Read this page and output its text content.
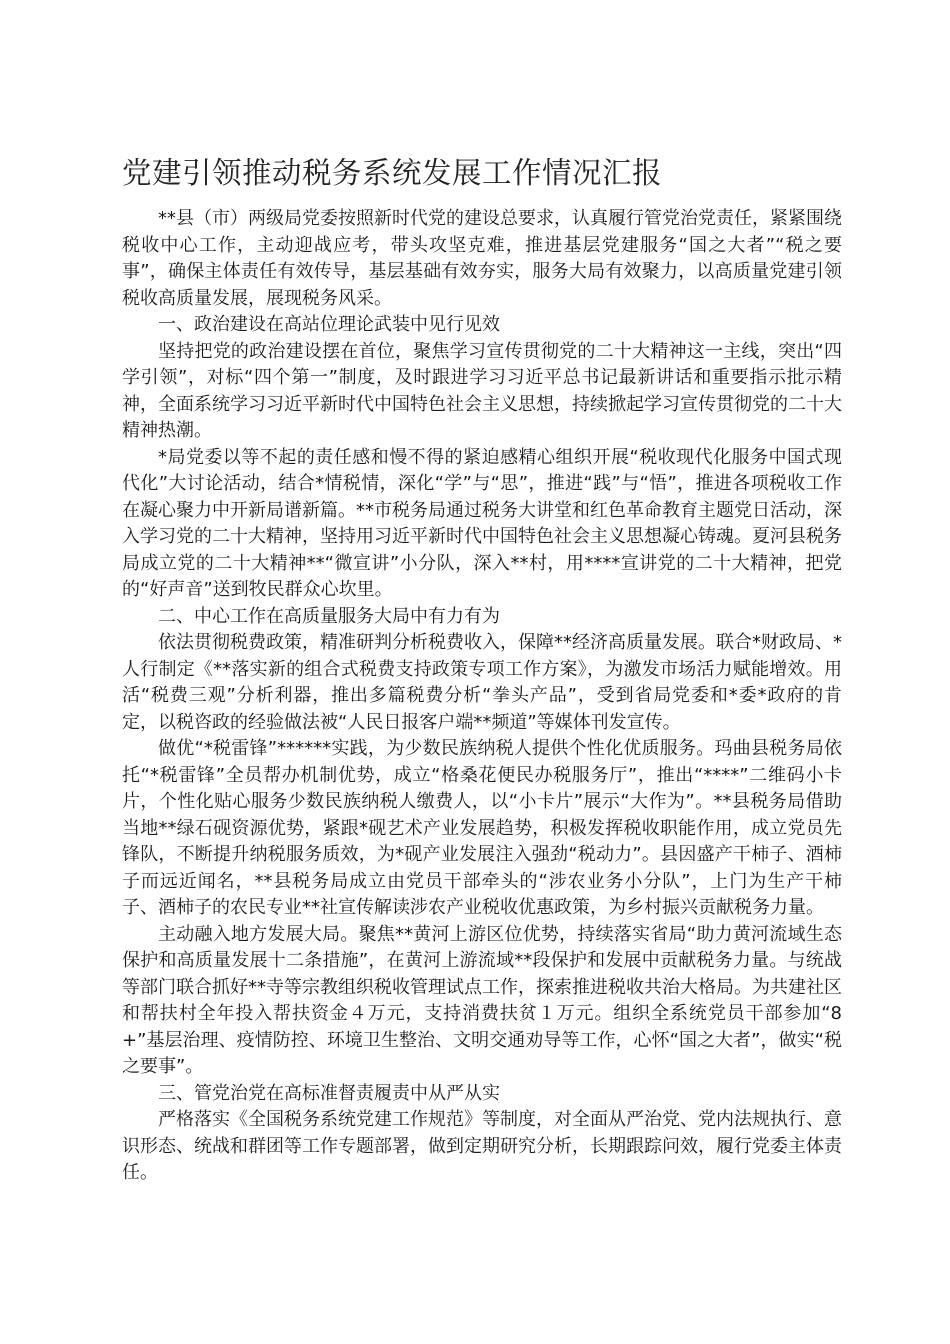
党建引领推动税务系统发展工作情况汇报

**县（市）两级局党委按照新时代党的建设总要求，认真履行管党治党责任，紧紧围绕税收中心工作，主动迎战应考，带头攻坚克难，推进基层党建服务“国之大者”“税之要事”，确保主体责任有效传导，基层基础有效夯实，服务大局有效聚力，以高质量党建引领税收高质量发展，展现税务风采。

一、政治建设在高站位理论武装中见行见效

坚持把党的政治建设摆在首位，聚焦学习宣传贯彻党的二十大精神这一主线，突出“四学引领”，对标“四个第一”制度，及时跟进学习习近平总书记最新讲话和重要指示批示精神，全面系统学习习近平新时代中国特色社会主义思想，持续掀起学习宣传贯彻党的二十大精神热潮。

*局党委以等不起的责任感和慢不得的紧迫感精心组织开展“税收现代化服务中国式现代化”大讨论活动，结合*情税情，深化“学”与“思”，推进“践”与“悟”，推进各项税收工作在凝心聚力中开新局谱新篇。**市税务局通过税务大讲堂和红色革命教育主题党日活动，深入学习党的二十大精神，坚持用习近平新时代中国特色社会主义思想凝心铸魂。夏河县税务局成立党的二十大精神**“微宣讲”小分队，深入**村，用****宣讲党的二十大精神，把党的“好声音”送到牧民群众心坎里。

二、中心工作在高质量服务大局中有力有为

依法贯彻税费政策，精准研判分析税费收入，保障**经济高质量发展。联合*财政局、*人行制定《**落实新的组合式税费支持政策专项工作方案》，为激发市场活力赋能增效。用活“税费三观”分析利器，推出多篇税费分析“拳头产品”，受到省局党委和*委*政府的肯定，以税咨政的经验做法被“人民日报客户端**频道”等媒体刊发宣传。

做优“*税雷锋”******实践，为少数民族纳税人提供个性化优质服务。玛曲县税务局依托“*税雷锋”全员帮办机制优势，成立“格桑花便民办税服务厅”，推出“****”二维码小卡片，个性化贴心服务少数民族纳税人缴费人，以“小卡片”展示“大作为”。**县税务局借助当地**绿石砚资源优势，紧跟*砚艺术产业发展趋势，积极发挥税收职能作用，成立党员先锋队，不断提升纳税服务质效，为*砚产业发展注入强劲“税动力”。县因盛产干柿子、酒柿子而远近闻名，**县税务局成立由党员干部牵头的“涉农业务小分队”，上门为生产干柿子、酒柿子的农民专业**社宣传解读涉农产业税收优惠政策，为乡村振兴贡献税务力量。

主动融入地方发展大局。聚焦**黄河上游区位优势，持续落实省局“助力黄河流域生态保护和高质量发展十二条措施”，在黄河上游流域**段保护和发展中贡献税务力量。与统战等部门联合抓好**寺等宗教组织税收管理试点工作，探索推进税收共治大格局。为共建社区和帮扶村全年投入帮扶资金４万元，支持消费扶贫１万元。组织全系统党员干部参加“8+”基层治理、疫情防控、环境卫生整治、文明交通劝导等工作，心怀“国之大者”，做实“税之要事”。

三、管党治党在高标准督责履责中从严从实

严格落实《全国税务系统党建工作规范》等制度，对全面从严治党、党内法规执行、意识形态、统战和群团等工作专题部署，做到定期研究分析，长期跟踪问效，履行党委主体责任。
